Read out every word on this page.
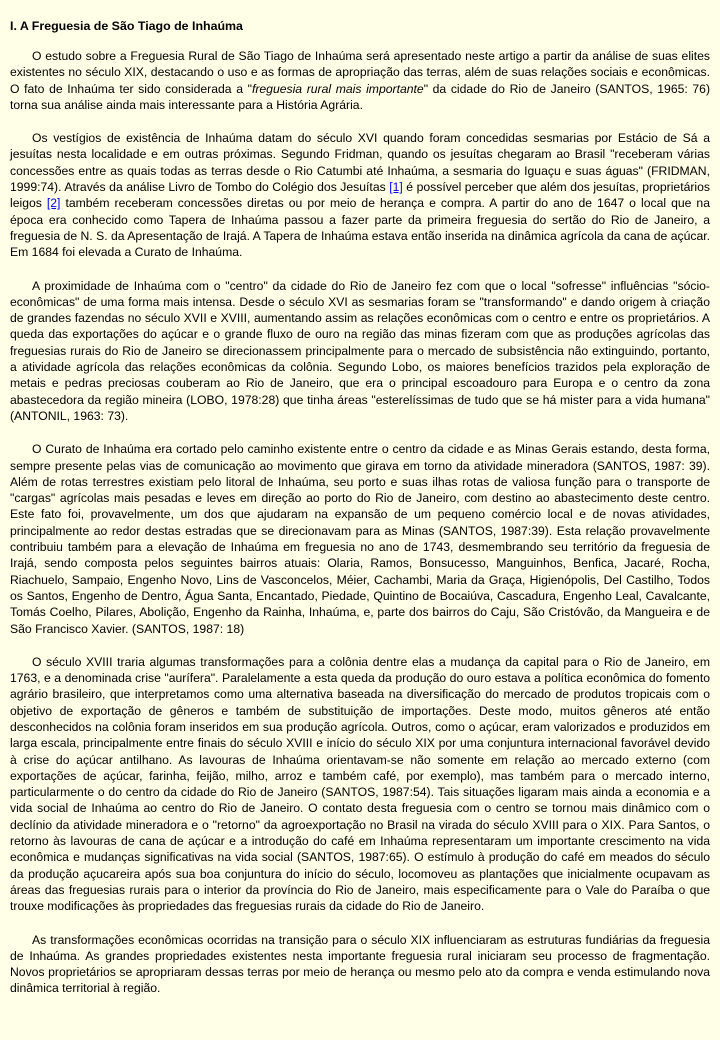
I. A Freguesia de São Tiago de Inhaúma

O estudo sobre a Freguesia Rural de São Tiago de Inhaúma será apresentado neste artigo a partir da análise de suas elites existentes no século XIX, destacando o uso e as formas de apropriação das terras, além de suas relações sociais e econômicas. O fato de Inhaúma ter sido considerada a "freguesia rural mais importante" da cidade do Rio de Janeiro (SANTOS, 1965: 76) torna sua análise ainda mais interessante para a História Agrária.

Os vestígios de existência de Inhaúma datam do século XVI quando foram concedidas sesmarias por Estácio de Sá a jesuítas nesta localidade e em outras próximas. Segundo Fridman, quando os jesuítas chegaram ao Brasil "receberam várias concessões entre as quais todas as terras desde o Rio Catumbi até Inhaúma, a sesmaria do Iguaçu e suas águas" (FRIDMAN, 1999:74). Através da análise Livro de Tombo do Colégio dos Jesuítas [1] é possível perceber que além dos jesuítas, proprietários leigos [2] também receberam concessões diretas ou por meio de herança e compra. A partir do ano de 1647 o local que na época era conhecido como Tapera de Inhaúma passou a fazer parte da primeira freguesia do sertão do Rio de Janeiro, a freguesia de N. S. da Apresentação de Irajá. A Tapera de Inhaúma estava então inserida na dinâmica agrícola da cana de açúcar. Em 1684 foi elevada a Curato de Inhaúma.

A proximidade de Inhaúma com o "centro" da cidade do Rio de Janeiro fez com que o local "sofresse" influências "sócio-econômicas" de uma forma mais intensa. Desde o século XVI as sesmarias foram se "transformando" e dando origem à criação de grandes fazendas no século XVII e XVIII, aumentando assim as relações econômicas com o centro e entre os proprietários. A queda das exportações do açúcar e o grande fluxo de ouro na região das minas fizeram com que as produções agrícolas das freguesias rurais do Rio de Janeiro se direcionassem principalmente para o mercado de subsistência não extinguindo, portanto, a atividade agrícola das relações econômicas da colônia. Segundo Lobo, os maiores benefícios trazidos pela exploração de metais e pedras preciosas couberam ao Rio de Janeiro, que era o principal escoadouro para Europa e o centro da zona abastecedora da região mineira (LOBO, 1978:28) que tinha áreas "esterelíssimas de tudo que se há mister para a vida humana" (ANTONIL, 1963: 73).

O Curato de Inhaúma era cortado pelo caminho existente entre o centro da cidade e as Minas Gerais estando, desta forma, sempre presente pelas vias de comunicação ao movimento que girava em torno da atividade mineradora (SANTOS, 1987: 39). Além de rotas terrestres existiam pelo litoral de Inhaúma, seu porto e suas ilhas rotas de valiosa função para o transporte de "cargas" agrícolas mais pesadas e leves em direção ao porto do Rio de Janeiro, com destino ao abastecimento deste centro. Este fato foi, provavelmente, um dos que ajudaram na expansão de um pequeno comércio local e de novas atividades, principalmente ao redor destas estradas que se direcionavam para as Minas (SANTOS, 1987:39). Esta relação provavelmente contribuiu também para a elevação de Inhaúma em freguesia no ano de 1743, desmembrando seu território da freguesia de Irajá, sendo composta pelos seguintes bairros atuais: Olaria, Ramos, Bonsucesso, Manguinhos, Benfica, Jacaré, Rocha, Riachuelo, Sampaio, Engenho Novo, Lins de Vasconcelos, Méier, Cachambi, Maria da Graça, Higienópolis, Del Castilho, Todos os Santos, Engenho de Dentro, Água Santa, Encantado, Piedade, Quintino de Bocaiúva, Cascadura, Engenho Leal, Cavalcante, Tomás Coelho, Pilares, Abolição, Engenho da Rainha, Inhaúma, e, parte dos bairros do Caju, São Cristóvão, da Mangueira e de São Francisco Xavier. (SANTOS, 1987: 18)

O século XVIII traria algumas transformações para a colônia dentre elas a mudança da capital para o Rio de Janeiro, em 1763, e a denominada crise "aurífera". Paralelamente a esta queda da produção do ouro estava a política econômica do fomento agrário brasileiro, que interpretamos como uma alternativa baseada na diversificação do mercado de produtos tropicais com o objetivo de exportação de gêneros e também de substituição de importações. Deste modo, muitos gêneros até então desconhecidos na colônia foram inseridos em sua produção agrícola. Outros, como o açúcar, eram valorizados e produzidos em larga escala, principalmente entre finais do século XVIII e início do século XIX por uma conjuntura internacional favorável devido à crise do açúcar antilhano. As lavouras de Inhaúma orientavam-se não somente em relação ao mercado externo (com exportações de açúcar, farinha, feijão, milho, arroz e também café, por exemplo), mas também para o mercado interno, particularmente o do centro da cidade do Rio de Janeiro (SANTOS, 1987:54). Tais situações ligaram mais ainda a economia e a vida social de Inhaúma ao centro do Rio de Janeiro. O contato desta freguesia com o centro se tornou mais dinâmico com o declínio da atividade mineradora e o "retorno" da agroexportação no Brasil na virada do século XVIII para o XIX. Para Santos, o retorno às lavouras de cana de açúcar e a introdução do café em Inhaúma representaram um importante crescimento na vida econômica e mudanças significativas na vida social (SANTOS, 1987:65). O estímulo à produção do café em meados do século da produção açucareira após sua boa conjuntura do início do século, locomoveu as plantações que inicialmente ocupavam as áreas das freguesias rurais para o interior da província do Rio de Janeiro, mais especificamente para o Vale do Paraíba o que trouxe modificações às propriedades das freguesias rurais da cidade do Rio de Janeiro.

As transformações econômicas ocorridas na transição para o século XIX influenciaram as estruturas fundiárias da freguesia de Inhaúma. As grandes propriedades existentes nesta importante freguesia rural iniciaram seu processo de fragmentação. Novos proprietários se apropriaram dessas terras por meio de herança ou mesmo pelo ato da compra e venda estimulando nova dinâmica territorial à região.
